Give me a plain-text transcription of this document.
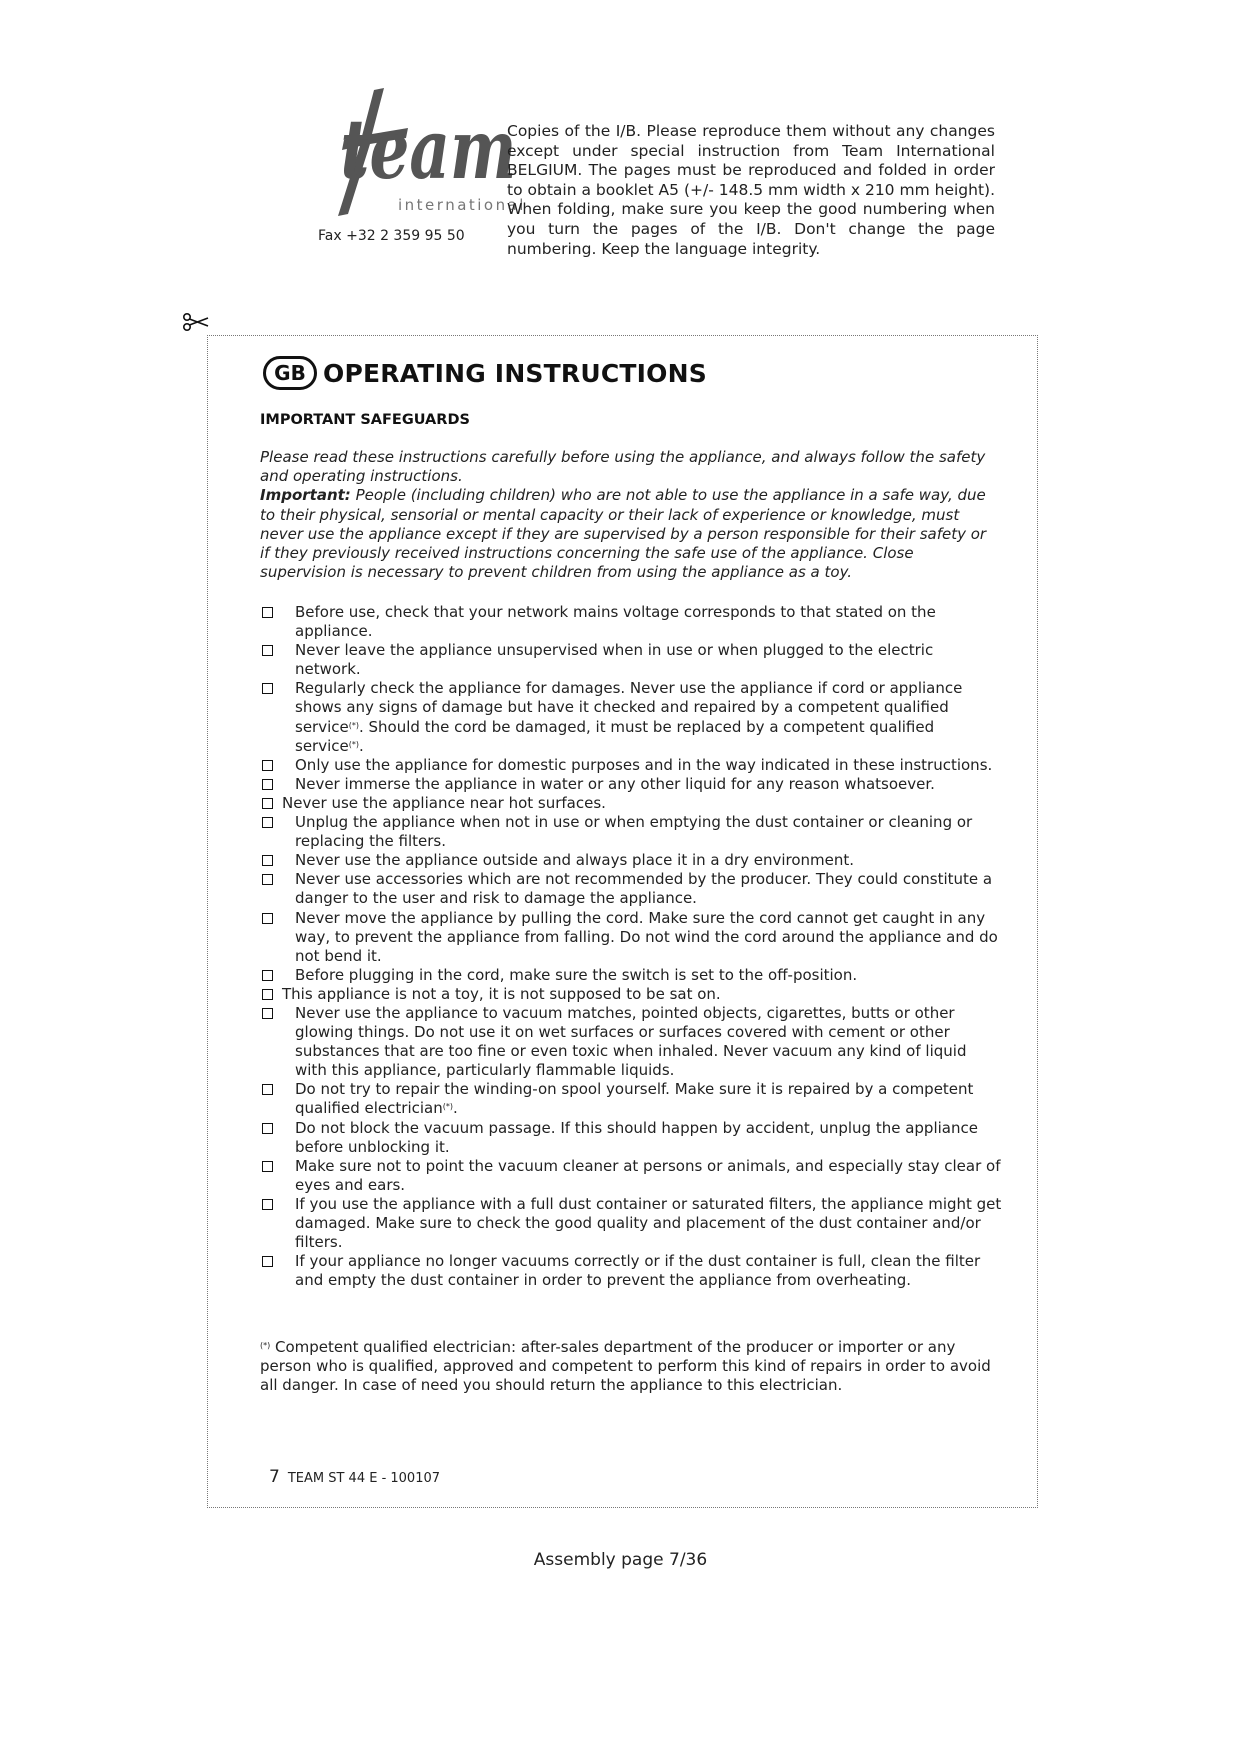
team
international
Fax +32 2 359 95 50
Copies of the I/B. Please reproduce them without any changes except under special instruction from Team International BELGIUM. The pages must be reproduced and folded in order to obtain a booklet A5 (+/- 148.5 mm width x 210 mm height). When folding, make sure you keep the good numbering when you turn the pages of the I/B. Don't change the page numbering. Keep the language integrity.
GB OPERATING INSTRUCTIONS
IMPORTANT SAFEGUARDS

Please read these instructions carefully before using the appliance, and always follow the safety and operating instructions.

Important: People (including children) who are not able to use the appliance in a safe way, due to their physical, sensorial or mental capacity or their lack of experience or knowledge, must never use the appliance except if they are supervised by a person responsible for their safety or if they previously received instructions concerning the safe use of the appliance. Close supervision is necessary to prevent children from using the appliance as a toy.

Before use, check that your network mains voltage corresponds to that stated on the appliance.
Never leave the appliance unsupervised when in use or when plugged to the electric network.
Regularly check the appliance for damages. Never use the appliance if cord or appliance shows any signs of damage but have it checked and repaired by a competent qualified service(*). Should the cord be damaged, it must be replaced by a competent qualified service(*).
Only use the appliance for domestic purposes and in the way indicated in these instructions.
Never immerse the appliance in water or any other liquid for any reason whatsoever.
Never use the appliance near hot surfaces.
Unplug the appliance when not in use or when emptying the dust container or cleaning or replacing the filters.
Never use the appliance outside and always place it in a dry environment.
Never use accessories which are not recommended by the producer. They could constitute a danger to the user and risk to damage the appliance.
Never move the appliance by pulling the cord. Make sure the cord cannot get caught in any way, to prevent the appliance from falling. Do not wind the cord around the appliance and do not bend it.
Before plugging in the cord, make sure the switch is set to the off-position.
This appliance is not a toy, it is not supposed to be sat on.
Never use the appliance to vacuum matches, pointed objects, cigarettes, butts or other glowing things. Do not use it on wet surfaces or surfaces covered with cement or other substances that are too fine or even toxic when inhaled. Never vacuum any kind of liquid with this appliance, particularly flammable liquids.
Do not try to repair the winding-on spool yourself. Make sure it is repaired by a competent qualified electrician(*).
Do not block the vacuum passage. If this should happen by accident, unplug the appliance before unblocking it.
Make sure not to point the vacuum cleaner at persons or animals, and especially stay clear of eyes and ears.
If you use the appliance with a full dust container or saturated filters, the appliance might get damaged. Make sure to check the good quality and placement of the dust container and/or filters.
If your appliance no longer vacuums correctly or if the dust container is full, clean the filter and empty the dust container in order to prevent the appliance from overheating.
(*) Competent qualified electrician: after-sales department of the producer or importer or any person who is qualified, approved and competent to perform this kind of repairs in order to avoid all danger. In case of need you should return the appliance to this electrician.
7 TEAM ST 44 E - 100107
Assembly page 7/36
